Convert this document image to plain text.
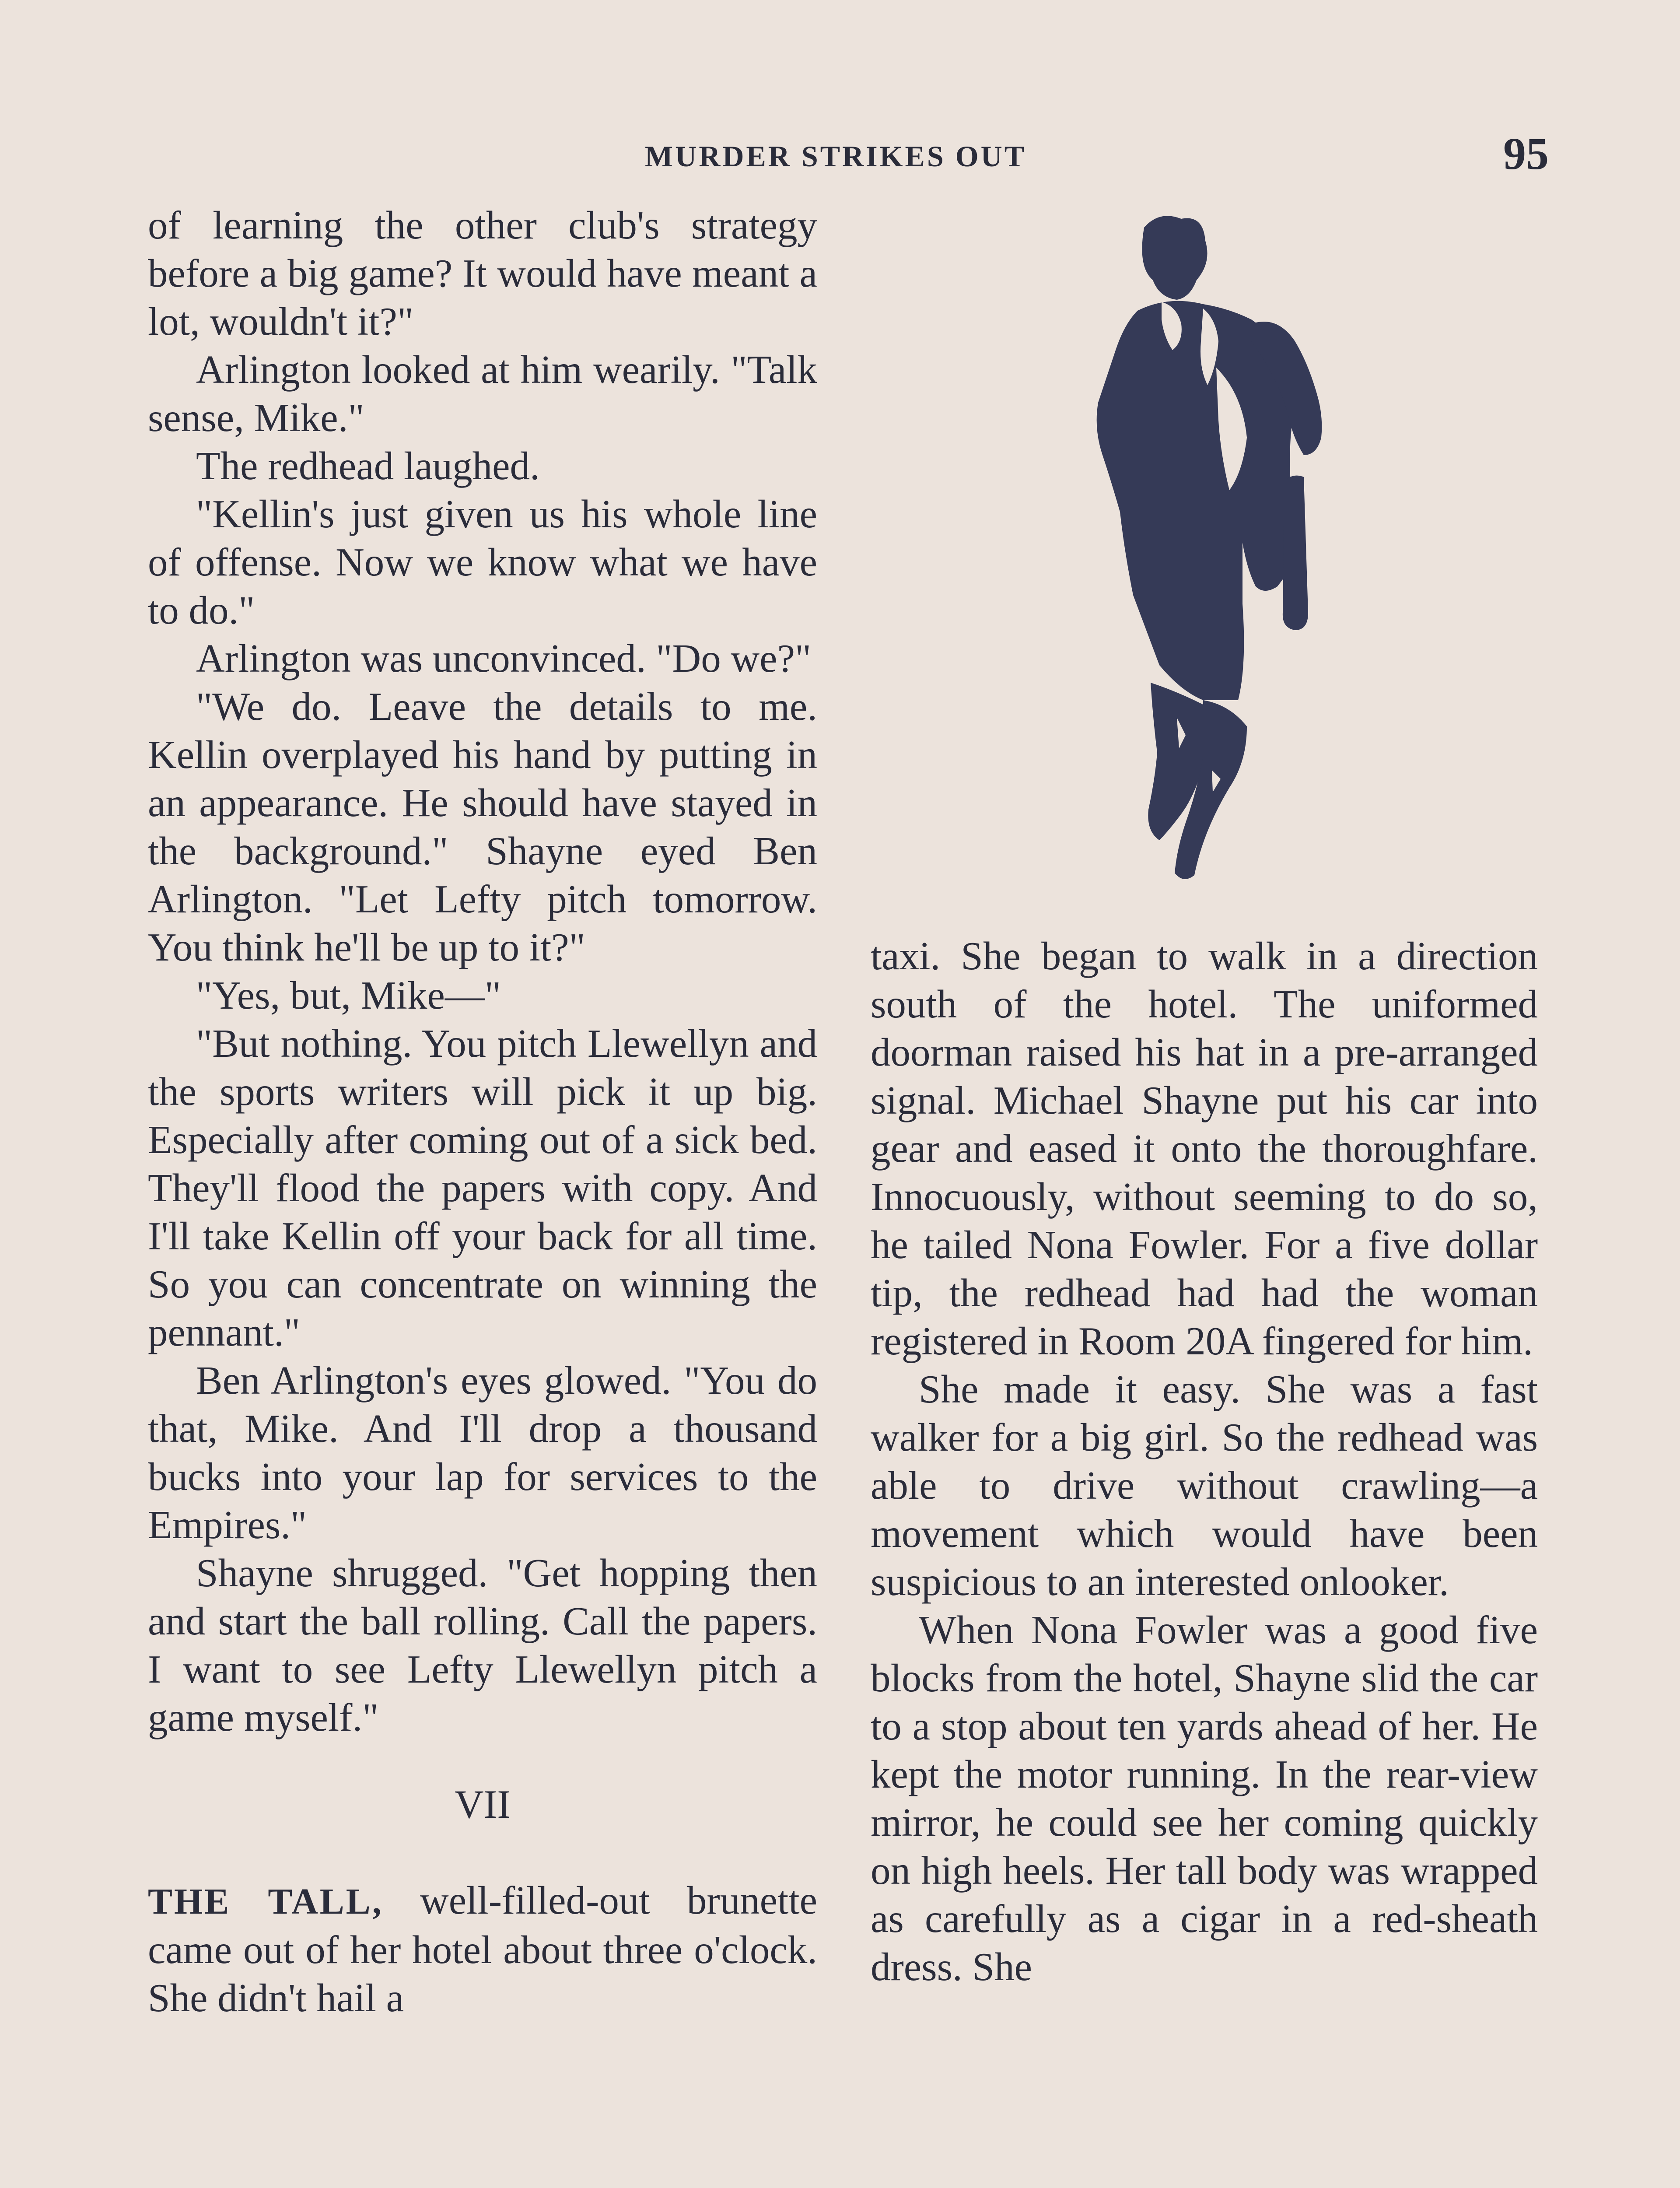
MURDER STRIKES OUT	95

of learning the other club's strategy before a big game? It would have meant a lot, wouldn't it?"

Arlington looked at him wearily. "Talk sense, Mike."

The redhead laughed.

"Kellin's just given us his whole line of offense. Now we know what we have to do."

Arlington was unconvinced. "Do we?"

"We do. Leave the details to me. Kellin overplayed his hand by putting in an appearance. He should have stayed in the background." Shayne eyed Ben Arlington. "Let Lefty pitch tomorrow. You think he'll be up to it?"

"Yes, but, Mike—"

"But nothing. You pitch Llewellyn and the sports writers will pick it up big. Especially after coming out of a sick bed. They'll flood the papers with copy. And I'll take Kellin off your back for all time. So you can concentrate on winning the pennant."

Ben Arlington's eyes glowed. "You do that, Mike. And I'll drop a thousand bucks into your lap for services to the Empires."

Shayne shrugged. "Get hopping then and start the ball rolling. Call the papers. I want to see Lefty Llewellyn pitch a game myself."

VII

THE TALL, well-filled-out brunette came out of her hotel about three o'clock. She didn't hail a

taxi. She began to walk in a direction south of the hotel. The uniformed doorman raised his hat in a pre-arranged signal. Michael Shayne put his car into gear and eased it onto the thoroughfare. Innocuously, without seeming to do so, he tailed Nona Fowler. For a five dollar tip, the redhead had had the woman registered in Room 20A fingered for him.

She made it easy. She was a fast walker for a big girl. So the redhead was able to drive without crawling—a movement which would have been suspicious to an interested onlooker.

When Nona Fowler was a good five blocks from the hotel, Shayne slid the car to a stop about ten yards ahead of her. He kept the motor running. In the rear-view mirror, he could see her coming quickly on high heels. Her tall body was wrapped as carefully as a cigar in a red-sheath dress. She
